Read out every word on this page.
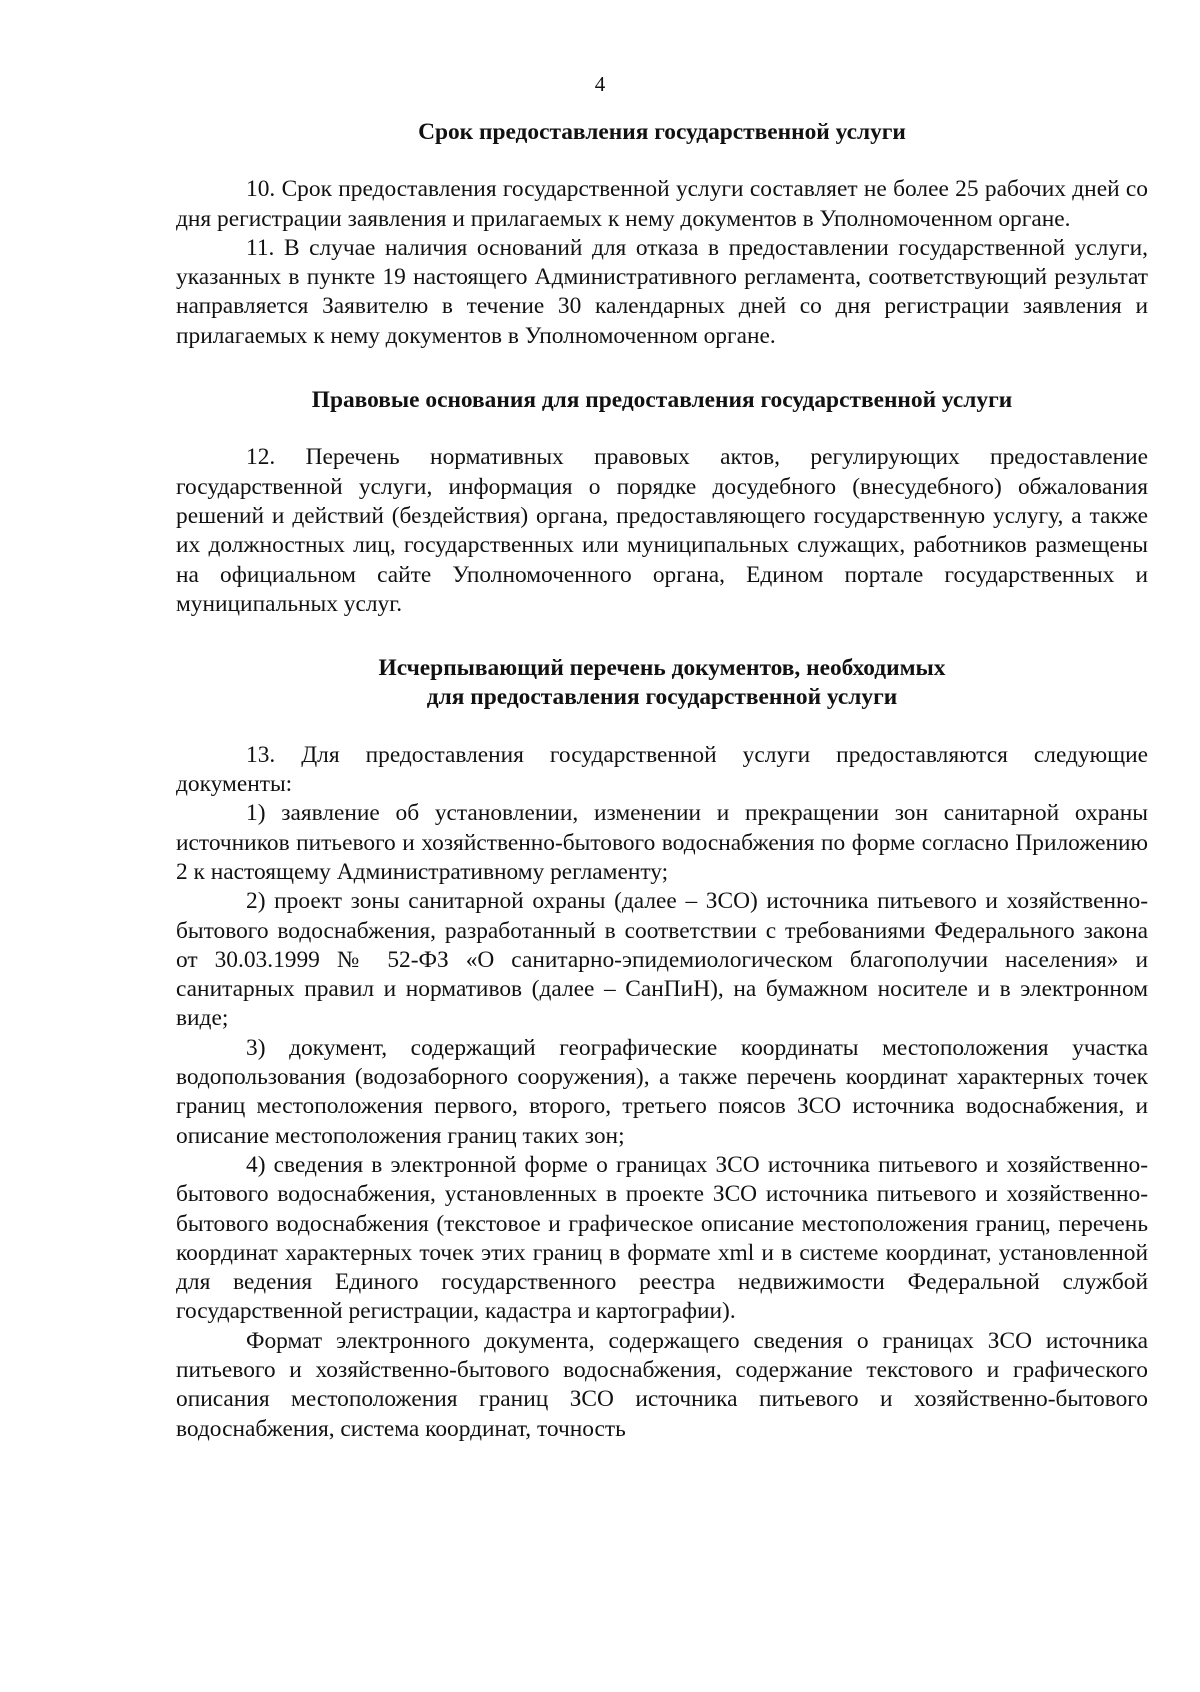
4
Срок предоставления государственной услуги

10. Срок предоставления государственной услуги составляет не более 25 рабочих дней со дня регистрации заявления и прилагаемых к нему документов в Уполномоченном органе.

11. В случае наличия оснований для отказа в предоставлении государственной услуги, указанных в пункте 19 настоящего Административного регламента, соответствующий результат направляется Заявителю в течение 30 календарных дней со дня регистрации заявления и прилагаемых к нему документов в Уполномоченном органе.

Правовые основания для предоставления государственной услуги

12. Перечень нормативных правовых актов, регулирующих предоставление государственной услуги, информация о порядке досудебного (внесудебного) обжалования решений и действий (бездействия) органа, предоставляющего государственную услугу, а также их должностных лиц, государственных или муниципальных служащих, работников размещены на официальном сайте Уполномоченного органа, Едином портале государственных и муниципальных услуг.

Исчерпывающий перечень документов, необходимых
для предоставления государственной услуги

13. Для предоставления государственной услуги предоставляются следующие документы:

1) заявление об установлении, изменении и прекращении зон санитарной охраны источников питьевого и хозяйственно-бытового водоснабжения по форме согласно Приложению 2 к настоящему Административному регламенту;

2) проект зоны санитарной охраны (далее – ЗСО) источника питьевого и хозяйственно-бытового водоснабжения, разработанный в соответствии с требованиями Федерального закона от 30.03.1999 № 52-ФЗ «О санитарно-эпидемиологическом благополучии населения» и санитарных правил и нормативов (далее – СанПиН), на бумажном носителе и в электронном виде;

3) документ, содержащий географические координаты местоположения участка водопользования (водозаборного сооружения), а также перечень координат характерных точек границ местоположения первого, второго, третьего поясов ЗСО источника водоснабжения, и описание местоположения границ таких зон;

4) сведения в электронной форме о границах ЗСО источника питьевого и хозяйственно-бытового водоснабжения, установленных в проекте ЗСО источника питьевого и хозяйственно-бытового водоснабжения (текстовое и графическое описание местоположения границ, перечень координат характерных точек этих границ в формате xml и в системе координат, установленной для ведения Единого государственного реестра недвижимости Федеральной службой государственной регистрации, кадастра и картографии).

Формат электронного документа, содержащего сведения о границах ЗСО источника питьевого и хозяйственно-бытового водоснабжения, содержание текстового и графического описания местоположения границ ЗСО источника питьевого и хозяйственно-бытового водоснабжения, система координат, точность
